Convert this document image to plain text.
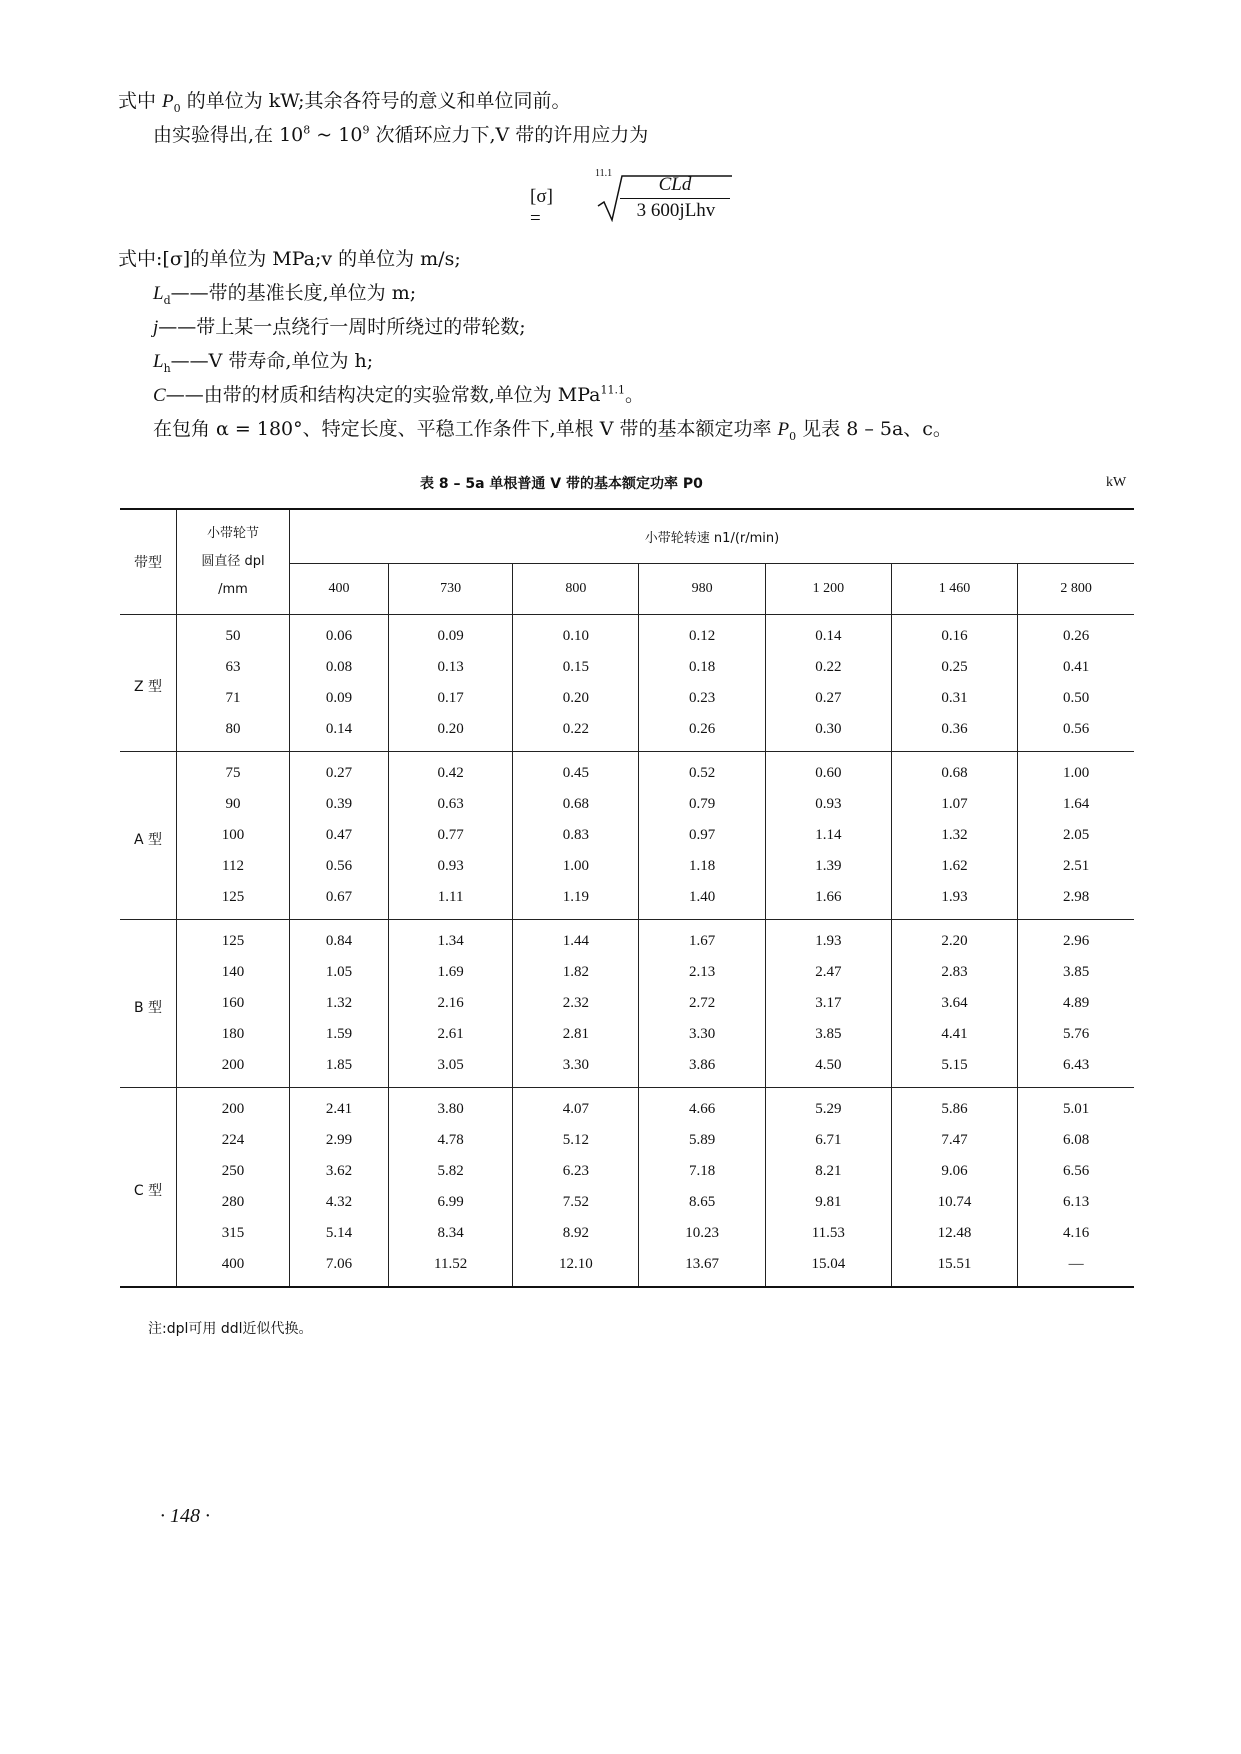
式中 $P_0$ 的单位为 kW;其余各符号的意义和单位同前。
由实验得出,在 $10^8$ ~ $10^9$ 次循环应力下,V 带的许用应力为
[σ] =
11.1
CLd
3 600jLhv
式中:[σ]的单位为 MPa;v 的单位为 m/s;
$L_d——$带的基准长度,单位为 m;
j——带上某一点绕行一周时所绕过的带轮数;
$L_h——V$ 带寿命,单位为 h;
C——由带的材质和结构决定的实验常数,单位为 MPa$^{11.1}$。
在包角 α = 180°、特定长度、平稳工作条件下,单根 V 带的基本额定功率 $P_0$ 见表 8 – 5a、c。
表 8 – 5a 单根普通 V 带的基本额定功率 P0	kW
带型	小带轮节
圆直径 dpl
/mm	小带轮转速 n1/(r/min)						
		400	730	800	980	1 200	1 460	2 800
Z 型	50	0.06	0.09	0.10	0.12	0.14	0.16	0.26
	63	0.08	0.13	0.15	0.18	0.22	0.25	0.41
	71	0.09	0.17	0.20	0.23	0.27	0.31	0.50
	80	0.14	0.20	0.22	0.26	0.30	0.36	0.56
A 型	75	0.27	0.42	0.45	0.52	0.60	0.68	1.00
	90	0.39	0.63	0.68	0.79	0.93	1.07	1.64
	100	0.47	0.77	0.83	0.97	1.14	1.32	2.05
	112	0.56	0.93	1.00	1.18	1.39	1.62	2.51
	125	0.67	1.11	1.19	1.40	1.66	1.93	2.98
B 型	125	0.84	1.34	1.44	1.67	1.93	2.20	2.96
	140	1.05	1.69	1.82	2.13	2.47	2.83	3.85
	160	1.32	2.16	2.32	2.72	3.17	3.64	4.89
	180	1.59	2.61	2.81	3.30	3.85	4.41	5.76
	200	1.85	3.05	3.30	3.86	4.50	5.15	6.43
C 型	200	2.41	3.80	4.07	4.66	5.29	5.86	5.01
	224	2.99	4.78	5.12	5.89	6.71	7.47	6.08
	250	3.62	5.82	6.23	7.18	8.21	9.06	6.56
	280	4.32	6.99	7.52	8.65	9.81	10.74	6.13
	315	5.14	8.34	8.92	10.23	11.53	12.48	4.16
	400	7.06	11.52	12.10	13.67	15.04	15.51	—
注:dpl可用 ddl近似代换。
· 148 ·
